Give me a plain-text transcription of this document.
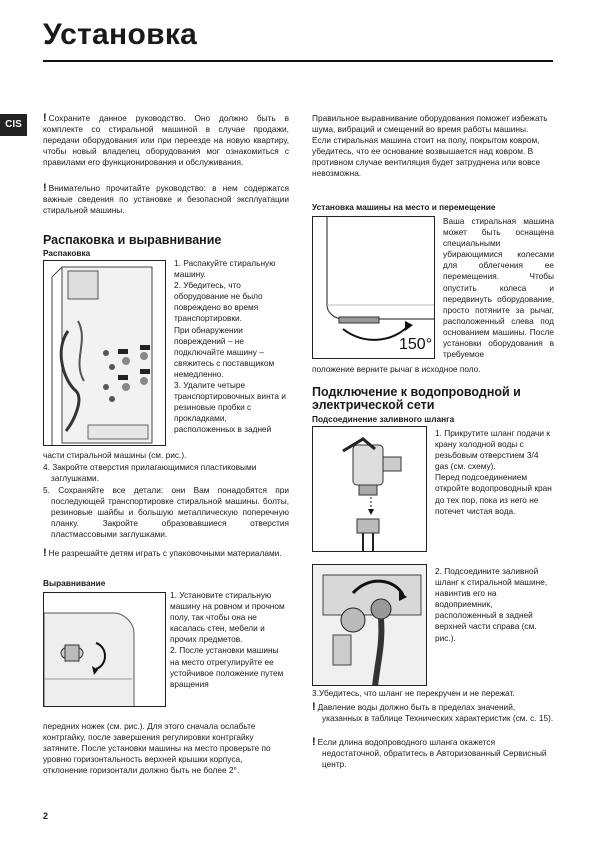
Установка
CIS
! Сохраните данное руководство. Оно должно быть в комплекте со стиральной машиной в случае продажи, передачи оборудования или при переезде на новую квартиру, чтобы новый владелец оборудования мог ознакомиться с правилами его функционирования и обслуживания.
! Внимательно прочитайте руководство: в нем содержатся важные сведения по установке и безопасной эксплуатации стиральной машины.
Распаковка и выравнивание
Распаковка
1. Распакуйте стиральную машину.
2. Убедитесь, что оборудование не было повреждено во время транспортировки.
При обнаружении повреждений – не подключайте машину – свяжитесь с поставщиком немедленно.
3. Удалите четыре транспортировочных винта и резиновые пробки с прокладками, расположенных в задней
части стиральной машины (см. рис.).
4. Закройте отверстия прилагающимися пластиковыми заглушками.
5. Сохраняйте все детали: они Вам понадобятся при последующей транспортировке стиральной машины. болты, резиновые шайбы и большую металлическую поперечную планку. Закройте образовавшиеся отверстия пластмассовыми заглушками.
! Не разрешайте детям играть с упаковочными материалами.
Выравнивание
1. Установите стиральную машину на ровном и прочном полу, так чтобы она не касалась стен, мебели и прочих предметов.
2. После установки машины на место отрегулируйте ее устойчивое положение путем вращения
передних ножек (см. рис.). Для этого сначала ослабьте контргайку, после завершения регулировки контргайку затяните. После установки машины на место проверьте по уровню горизонтальность верхней крышки корпуса, отклонение горизонтали должно быть не более 2°.
Правильное выравнивание оборудования поможет избежать шума, вибраций и смещений во время работы машины.
Если стиральная машина стоит на полу, покрытом ковром, убедитесь, что ее основание возвышается над ковром. В противном случае вентиляция будет затруднена или вовсе невозможна.
Установка машины на место и перемещение
150°
Ваша стиральная машина может быть оснащена специальными убирающимися колесами для облегчения ее перемещения. Чтобы опустить колеса и передвинуть оборудование, просто потяните за рычаг, расположенный слева под основанием машины. После установки оборудования в требуемое
положение верните рычаг в исходное полo.
Подключение к водопроводной и электрической сети
Подсоединение заливного шланга
1. Прикрутите шланг подачи к крану холодной воды с резьбовым отверстием 3/4 gas (см. схему).
Перед подсоединением откройте водопроводный кран до тех пор, пока из него не потечет чистая вода.
2. Подсоедините заливной шланг к стиральной машине, навинтив его на водоприемник, расположенный в задней верхней части справа (см. рис.).
3.Убедитесь, что шланг не перекручен и не пережат.
! Давление воды должно быть в пределах значений, указанных в таблице Технических характеристик (см. с. 15).
! Если длина водопроводного шланга окажется недостаточной, обратитесь в Авторизованный Сервисный центр.
2
